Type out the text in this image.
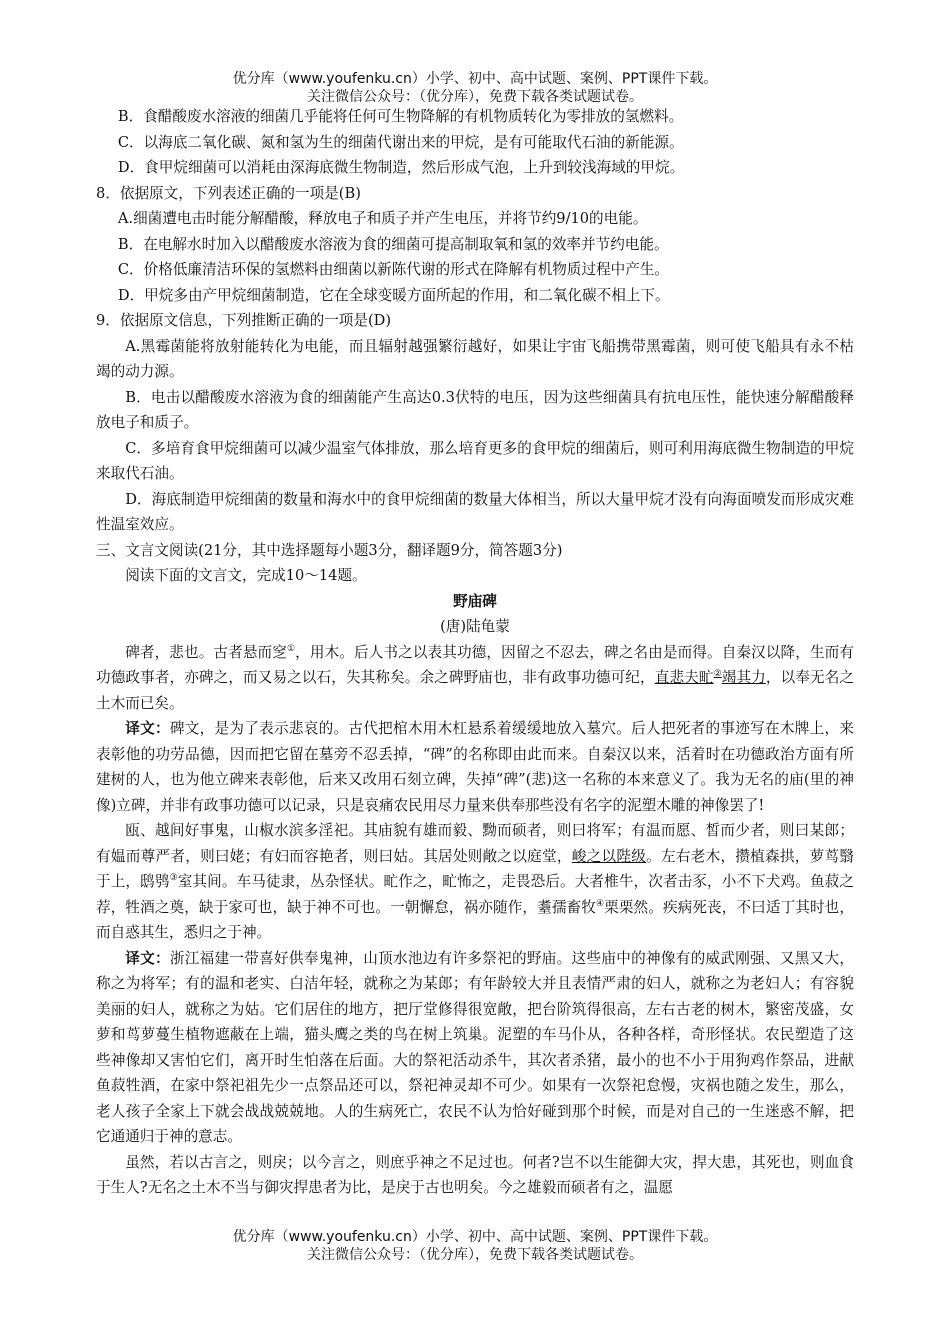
优分库（www.youfenku.cn）小学、初中、高中试题、案例、PPT课件下载。
关注微信公众号：（优分库），免费下载各类试题试卷。

B．食醋酸废水溶液的细菌几乎能将任何可生物降解的有机物质转化为零排放的氢燃料。

C．以海底二氧化碳、氮和氢为生的细菌代谢出来的甲烷，是有可能取代石油的新能源。

D．食甲烷细菌可以消耗由深海底微生物制造，然后形成气泡，上升到较浅海域的甲烷。

8．依据原文，下列表述正确的一项是(B)

A.细菌遭电击时能分解醋酸，释放电子和质子并产生电压，并将节约9/10的电能。

B．在电解水时加入以醋酸废水溶液为食的细菌可提高制取氧和氢的效率并节约电能。

C．价格低廉清洁环保的氢燃料由细菌以新陈代谢的形式在降解有机物质过程中产生。

D．甲烷多由产甲烷细菌制造，它在全球变暖方面所起的作用，和二氧化碳不相上下。

9．依据原文信息，下列推断正确的一项是(D)

A.黑霉菌能将放射能转化为电能，而且辐射越强繁衍越好，如果让宇宙飞船携带黑霉菌，则可使飞船具有永不枯竭的动力源。

B．电击以醋酸废水溶液为食的细菌能产生高达0.3伏特的电压，因为这些细菌具有抗电压性，能快速分解醋酸释放电子和质子。

C．多培育食甲烷细菌可以减少温室气体排放，那么培育更多的食甲烷的细菌后，则可利用海底微生物制造的甲烷来取代石油。

D．海底制造甲烷细菌的数量和海水中的食甲烷细菌的数量大体相当，所以大量甲烷才没有向海面喷发而形成灾难性温室效应。

三、文言文阅读(21分，其中选择题每小题3分，翻译题9分，简答题3分)

阅读下面的文言文，完成10～14题。

野庙碑

(唐)陆龟蒙

碑者，悲也。古者悬而窆①，用木。后人书之以表其功德，因留之不忍去，碑之名由是而得。自秦汉以降，生而有功德政事者，亦碑之，而又易之以石，失其称矣。余之碑野庙也，非有政事功德可纪，直悲夫甿②竭其力，以奉无名之土木而已矣。

译文：碑文，是为了表示悲哀的。古代把棺木用木杠悬系着缓缓地放入墓穴。后人把死者的事迹写在木牌上，来表彰他的功劳品德，因而把它留在墓旁不忍丢掉，“碑”的名称即由此而来。自秦汉以来，活着时在功德政治方面有所建树的人，也为他立碑来表彰他，后来又改用石刻立碑，失掉“碑”(悲)这一名称的本来意义了。我为无名的庙(里的神像)立碑，并非有政事功德可以记录，只是哀痛农民用尽力量来供奉那些没有名字的泥塑木雕的神像罢了!

瓯、越间好事鬼，山椒水滨多淫祀。其庙貌有雄而毅、黝而硕者，则曰将军；有温而愿、皙而少者，则曰某郎；有媪而尊严者，则曰姥；有妇而容艳者，则曰姑。其居处则敞之以庭堂，峻之以陛级。左右老木，攒植森拱，萝茑翳于上，鸱鸮③室其间。车马徒隶，丛杂怪状。甿作之，甿怖之，走畏恐后。大者椎牛，次者击豕，小不下犬鸡。鱼菽之荐，牲酒之奠，缺于家可也，缺于神不可也。一朝懈怠，祸亦随作，耋孺畜牧④栗栗然。疾病死丧，不曰适丁其时也，而自惑其生，悉归之于神。

译文：浙江福建一带喜好供奉鬼神，山顶水池边有许多祭祀的野庙。这些庙中的神像有的威武刚强、又黑又大，称之为将军；有的温和老实、白洁年轻，就称之为某郎；有年龄较大并且表情严肃的妇人，就称之为老妇人；有容貌美丽的妇人，就称之为姑。它们居住的地方，把厅堂修得很宽敞，把台阶筑得很高，左右古老的树木，繁密茂盛，女萝和茑萝蔓生植物遮蔽在上端，猫头鹰之类的鸟在树上筑巢。泥塑的车马仆从，各种各样，奇形怪状。农民塑造了这些神像却又害怕它们，离开时生怕落在后面。大的祭祀活动杀牛，其次者杀猪，最小的也不小于用狗鸡作祭品，进献鱼菽牲酒，在家中祭祀祖先少一点祭品还可以，祭祀神灵却不可少。如果有一次祭祀怠慢，灾祸也随之发生，那么，老人孩子全家上下就会战战兢兢地。人的生病死亡，农民不认为恰好碰到那个时候，而是对自己的一生迷惑不解，把它通通归于神的意志。

虽然，若以古言之，则戾；以今言之，则庶乎神之不足过也。何者?岂不以生能御大灾，捍大患，其死也，则血食于生人?无名之土木不当与御灾捍患者为比，是戾于古也明矣。今之雄毅而硕者有之，温愿

优分库（www.youfenku.cn）小学、初中、高中试题、案例、PPT课件下载。
关注微信公众号：（优分库），免费下载各类试题试卷。
